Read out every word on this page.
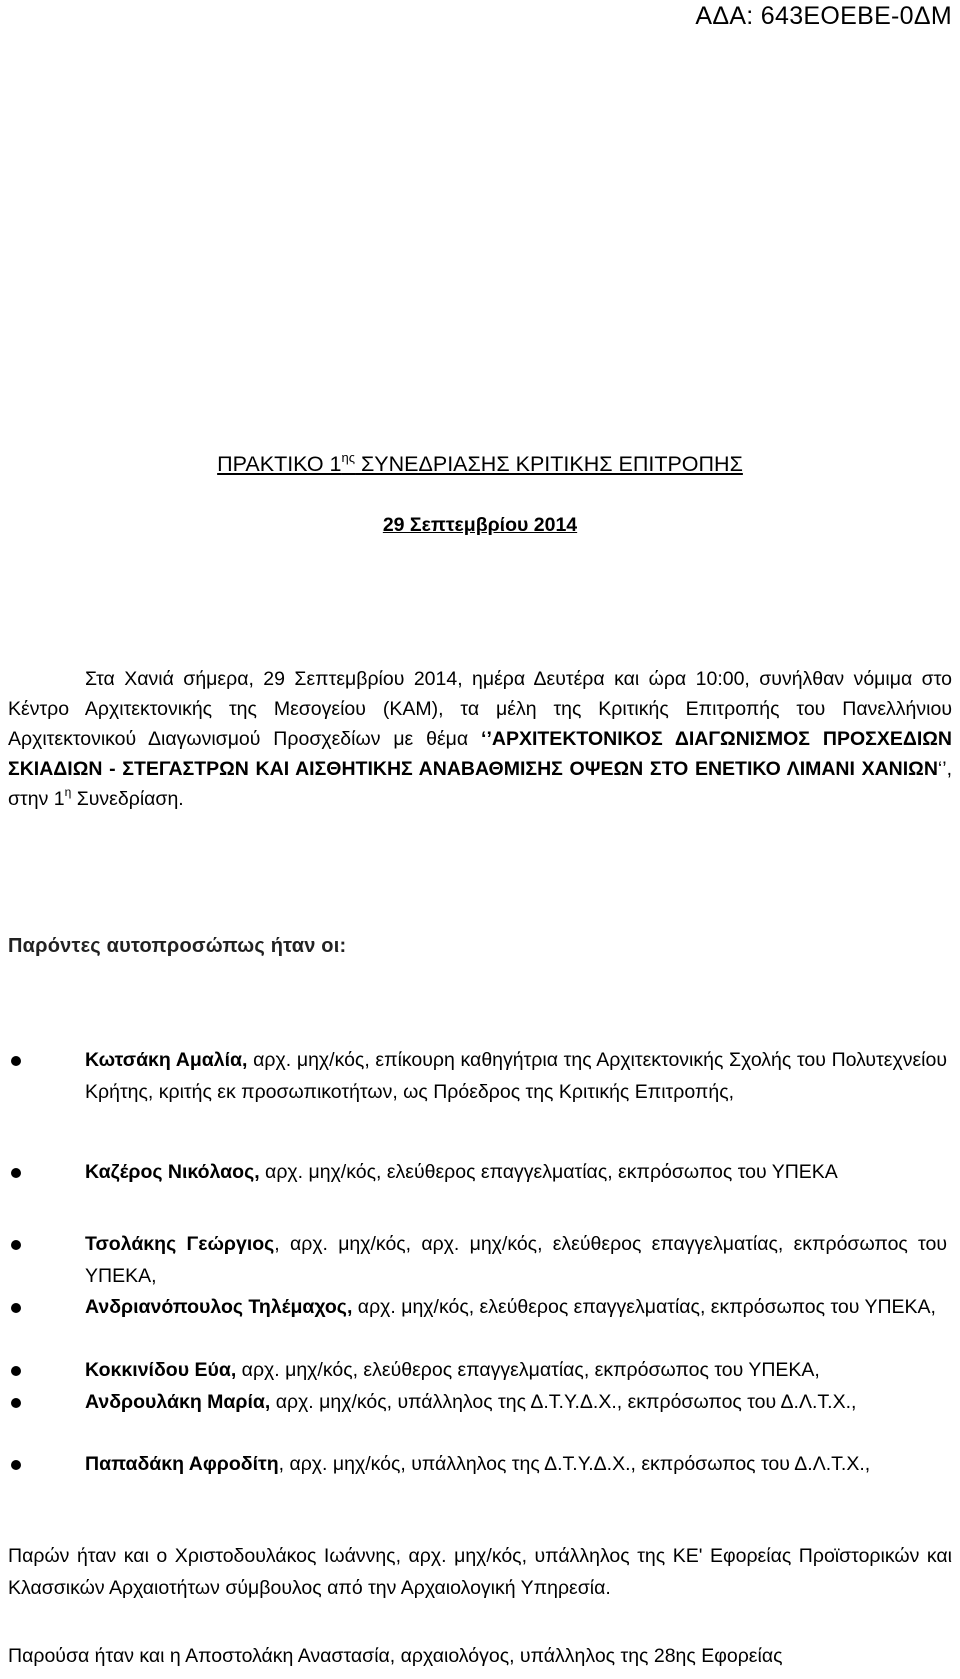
ΑΔΑ: 643ΕΟΕΒΕ-0ΔΜ
ΠΡΑΚΤΙΚΟ $1^{\eta\varsigma}$ ΣΥΝΕΔΡΙΑΣΗΣ ΚΡΙΤΙΚΗΣ ΕΠΙΤΡΟΠΗΣ
29 Σεπτεμβρίου 2014
Στα Χανιά σήμερα, 29 Σεπτεμβρίου 2014, ημέρα Δευτέρα και ώρα 10:00, συνήλθαν νόμιμα στο Κέντρο Αρχιτεκτονικής της Μεσογείου (ΚΑΜ), τα μέλη της Κριτικής Επιτροπής του Πανελλήνιου Αρχιτεκτονικού Διαγωνισμού Προσχεδίων με θέμα ‘’ΑΡΧΙΤΕΚΤΟΝΙΚΟΣ ΔΙΑΓΩΝΙΣΜΟΣ ΠΡΟΣΧΕΔΙΩΝ ΣΚΙΑΔΙΩΝ - ΣΤΕΓΑΣΤΡΩΝ ΚΑΙ ΑΙΣΘΗΤΙΚΗΣ ΑΝΑΒΑΘΜΙΣΗΣ ΟΨΕΩΝ ΣΤΟ ΕΝΕΤΙΚΟ ΛΙΜΑΝΙ ΧΑΝΙΩΝ‘’, στην $1^\eta$ Συνεδρίαση.
Παρόντες αυτοπροσώπως ήταν οι:
Κωτσάκη Αμαλία, αρχ. μηχ/κός, επίκουρη καθηγήτρια της Αρχιτεκτονικής Σχολής του Πολυτεχνείου Κρήτης, κριτής εκ προσωπικοτήτων, ως Πρόεδρος της Κριτικής Επιτροπής,
Καζέρος Νικόλαος, αρχ. μηχ/κός, ελεύθερος επαγγελματίας, εκπρόσωπος του ΥΠΕΚΑ
Τσολάκης Γεώργιος, αρχ. μηχ/κός, αρχ. μηχ/κός, ελεύθερος επαγγελματίας, εκπρόσωπος του ΥΠΕΚΑ,
Ανδριανόπουλος Τηλέμαχος, αρχ. μηχ/κός, ελεύθερος επαγγελματίας, εκπρόσωπος του ΥΠΕΚΑ,
Κοκκινίδου Εύα, αρχ. μηχ/κός, ελεύθερος επαγγελματίας, εκπρόσωπος του ΥΠΕΚΑ,
Ανδρουλάκη Μαρία, αρχ. μηχ/κός, υπάλληλος της Δ.Τ.Υ.Δ.Χ., εκπρόσωπος του Δ.Λ.Τ.Χ.,
Παπαδάκη Αφροδίτη, αρχ. μηχ/κός, υπάλληλος της Δ.Τ.Υ.Δ.Χ., εκπρόσωπος του Δ.Λ.Τ.Χ.,
Παρών ήταν και ο Χριστοδουλάκος Ιωάννης, αρχ. μηχ/κός, υπάλληλος της ΚΕ' Εφορείας Προϊστορικών και Κλασσικών Αρχαιοτήτων σύμβουλος από την Αρχαιολογική Υπηρεσία.
Παρούσα ήταν και η Αποστολάκη Αναστασία, αρχαιολόγος, υπάλληλος της 28ης Εφορείας
